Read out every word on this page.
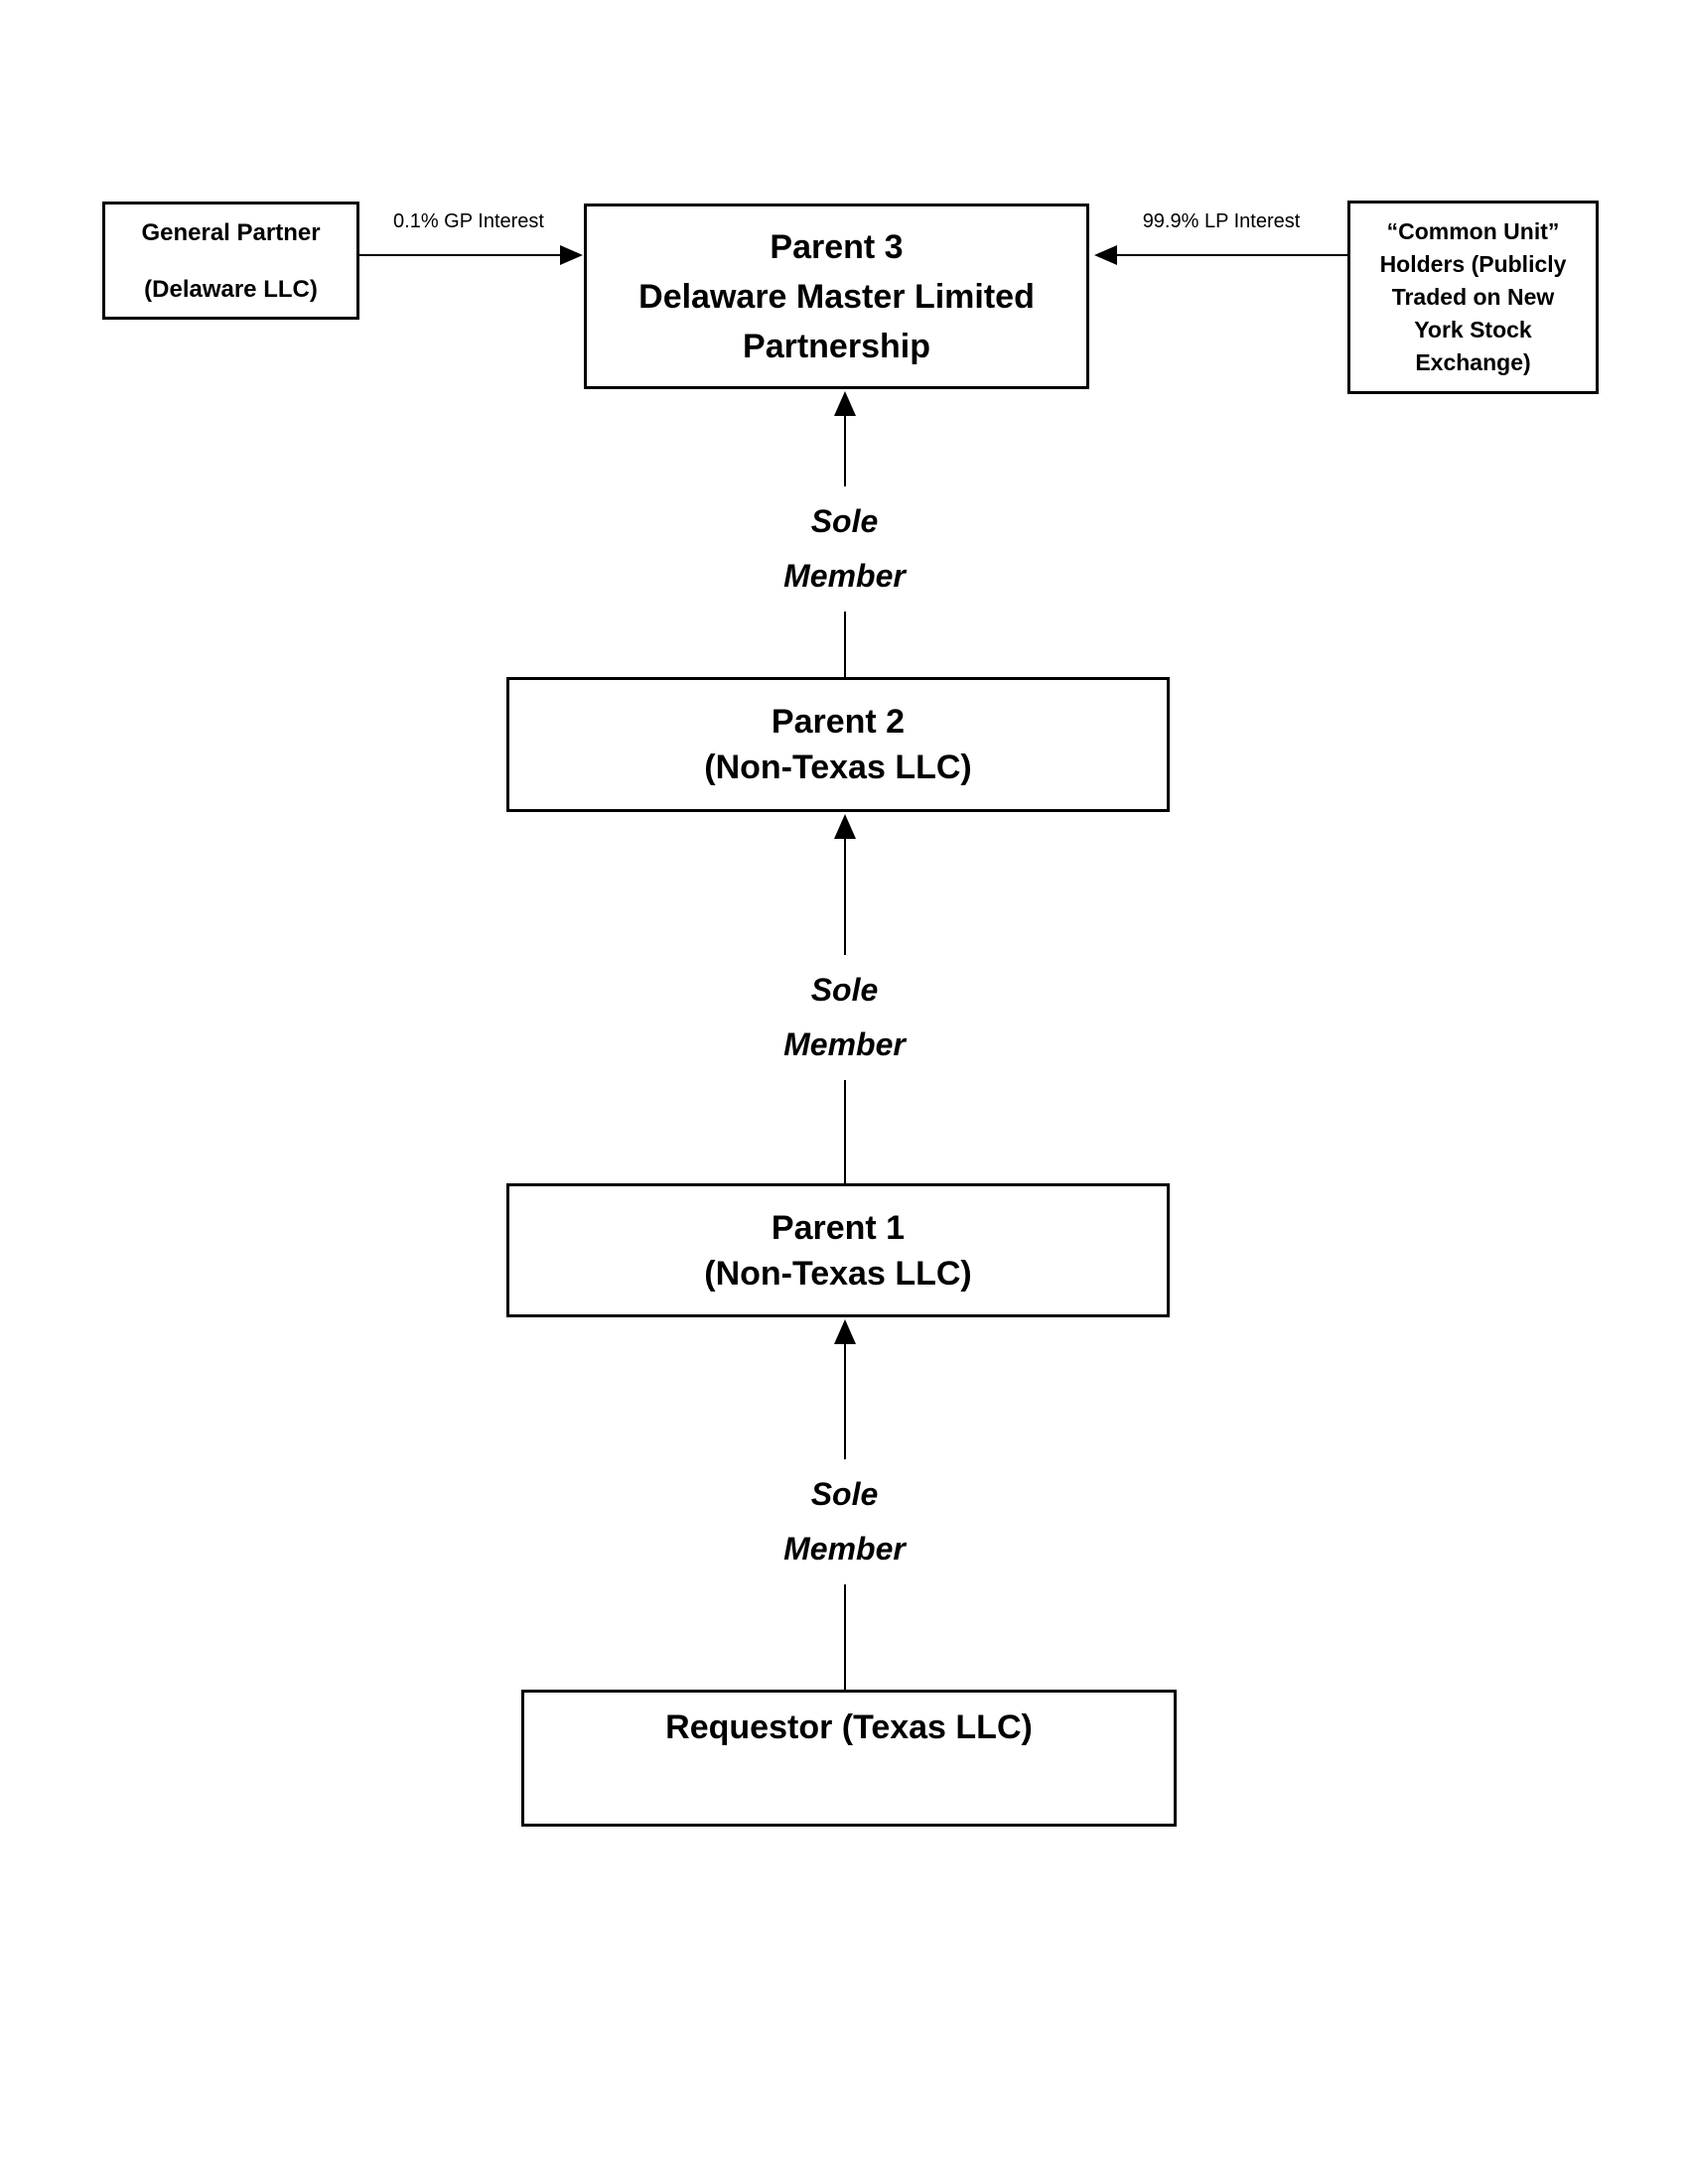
General Partner
(Delaware LLC)
Parent 3
Delaware Master Limited
Partnership
“Common Unit”
Holders (Publicly
Traded on New
York Stock
Exchange)
0.1% GP Interest	99.9% LP Interest
Sole
Member
Parent 2
(Non-Texas LLC)
Sole
Member
Parent 1
(Non-Texas LLC)
Sole
Member
Requestor (Texas LLC)
